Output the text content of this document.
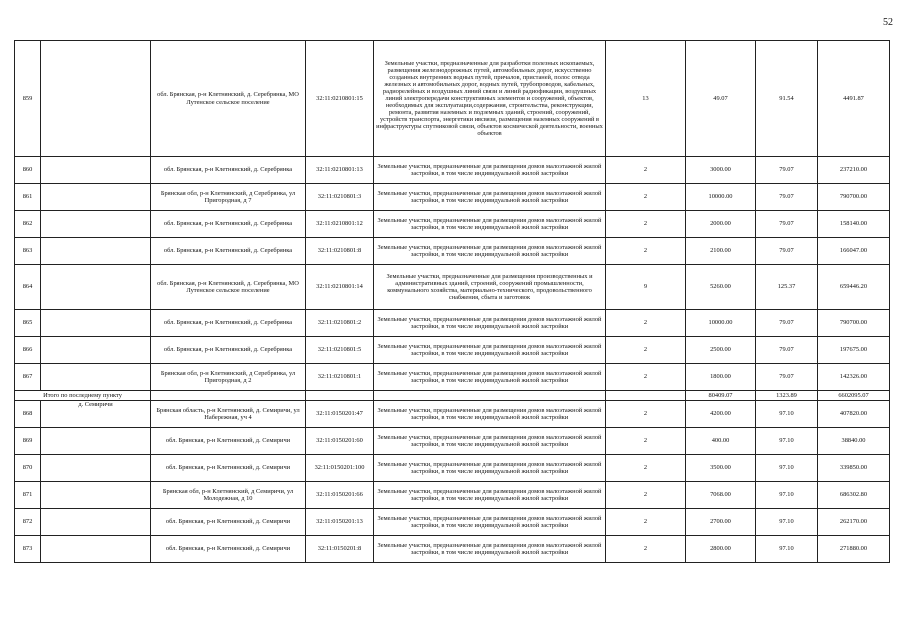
52
859		обл. Брянская, р-н Клетнянский, д. Серебрянка, МО Лутенское сельское поселение	32:11:0210801:15	Земельные участки, предназначенные для разработки полезных ископаемых, размещения железнодорожных путей, автомобильных дорог, искусственно созданных внутренних водных путей, причалов, пристаней, полос отвода железных и автомобильных дорог, водных путей, трубопроводов, кабельных, радиорелейных и воздушных линий связи и линий радиофикации, воздушных линий электропередачи конструктивных элементов и сооружений, объектов, необходимых для эксплуатации,содержания, строительства, реконструкции, ремонта, развития наземных и подземных зданий, строений, сооружений, устройств транспорта, энергетики ивсвязи, размещения наземных сооружений в инфраструктуры спутниковой связи, объектов космической деятельности, военных объектов	13	49.07	91.54	4491.87
860		обл. Брянская, р-н Клетнянский, д. Серебрянка	32:11:0210801:13	Земельные участки, предназначенные для размещения домов малоэтажной жилой застройки, в том числе индивидуальной жилой застройки	2	3000.00	79.07	237210.00
861		Брянская обл, р-н Клетнянский, д Серебрянка, ул Пригородная, д 7	32:11:0210801:3	Земельные участки, предназначенные для размещения домов малоэтажной жилой застройки, в том числе индивидуальной жилой застройки	2	10000.00	79.07	790700.00
862		обл. Брянская, р-н Клетнянский, д. Серебрянка	32:11:0210801:12	Земельные участки, предназначенные для размещения домов малоэтажной жилой застройки, в том числе индивидуальной жилой застройки	2	2000.00	79.07	158140.00
863		обл. Брянская, р-н Клетнянский, д. Серебрянка	32:11:0210801:8	Земельные участки, предназначенные для размещения домов малоэтажной жилой застройки, в том числе индивидуальной жилой застройки	2	2100.00	79.07	166047.00
864		обл. Брянская, р-н Клетнянский, д. Серебрянка, МО Лутенское сельское поселение	32:11:0210801:14	Земельные участки, предназначенные для размещения производственных и административных зданий, строений, сооружений промышленности, коммунального хозяйства, материально-технического, продовольственного снабжения, сбыта и заготовок	9	5260.00	125.37	659446.20
865		обл. Брянская, р-н Клетнянский, д. Серебрянка	32:11:0210801:2	Земельные участки, предназначенные для размещения домов малоэтажной жилой застройки, в том числе индивидуальной жилой застройки	2	10000.00	79.07	790700.00
866		обл. Брянская, р-н Клетнянский, д. Серебрянка	32:11:0210801:5	Земельные участки, предназначенные для размещения домов малоэтажной жилой застройки, в том числе индивидуальной жилой застройки	2	2500.00	79.07	197675.00
867		Брянская обл, р-н Клетнянский, д Серебрянка, ул Пригородная, д 2	32:11:0210801:1	Земельные участки, предназначенные для размещения домов малоэтажной жилой застройки, в том числе индивидуальной жилой застройки	2	1800.00	79.07	142326.00
Итого по последнему пункту						80409.07	1323.89	6602095.07
868	д. Семиричи	Брянская область, р-н Клетнянский, д. Семиричи, ул Набережная, уч 4	32:11:0150201:47	Земельные участки, предназначенные для размещения домов малоэтажной жилой застройки, в том числе индивидуальной жилой застройки	2	4200.00	97.10	407820.00
869		обл. Брянская, р-н Клетнянский, д. Семиричи	32:11:0150201:60	Земельные участки, предназначенные для размещения домов малоэтажной жилой застройки, в том числе индивидуальной жилой застройки	2	400.00	97.10	38840.00
870		обл. Брянская, р-н Клетнянский, д. Семиричи	32:11:0150201:100	Земельные участки, предназначенные для размещения домов малоэтажной жилой застройки, в том числе индивидуальной жилой застройки	2	3500.00	97.10	339850.00
871		Брянская обл, р-н Клетнянский, д Семиричи, ул Молодежная, д 10	32:11:0150201:66	Земельные участки, предназначенные для размещения домов малоэтажной жилой застройки, в том числе индивидуальной жилой застройки	2	7068.00	97.10	686302.80
872		обл. Брянская, р-н Клетнянский, д. Семиричи	32:11:0150201:13	Земельные участки, предназначенные для размещения домов малоэтажной жилой застройки, в том числе индивидуальной жилой застройки	2	2700.00	97.10	262170.00
873		обл. Брянская, р-н Клетнянский, д. Семиричи	32:11:0150201:8	Земельные участки, предназначенные для размещения домов малоэтажной жилой застройки, в том числе индивидуальной жилой застройки	2	2800.00	97.10	271880.00
